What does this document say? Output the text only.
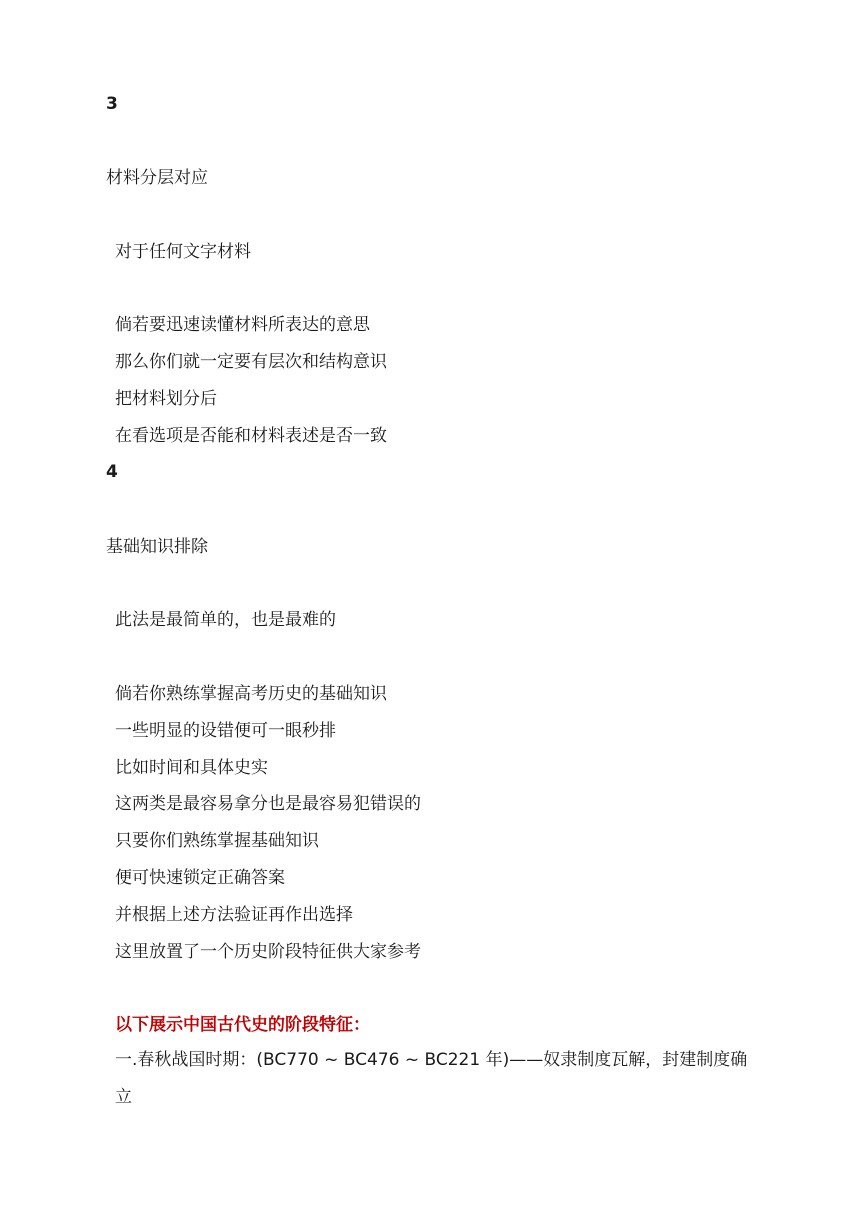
3
材料分层对应
对于任何文字材料
倘若要迅速读懂材料所表达的意思
那么你们就一定要有层次和结构意识
把材料划分后
在看选项是否能和材料表述是否一致
4
基础知识排除
此法是最简单的，也是最难的
倘若你熟练掌握高考历史的基础知识
一些明显的设错便可一眼秒排
比如时间和具体史实
这两类是最容易拿分也是最容易犯错误的
只要你们熟练掌握基础知识
便可快速锁定正确答案
并根据上述方法验证再作出选择
这里放置了一个历史阶段特征供大家参考
以下展示中国古代史的阶段特征：
一.春秋战国时期：(BC770 ~ BC476 ~ BC221 年)——奴隶制度瓦解，封建制度确立
